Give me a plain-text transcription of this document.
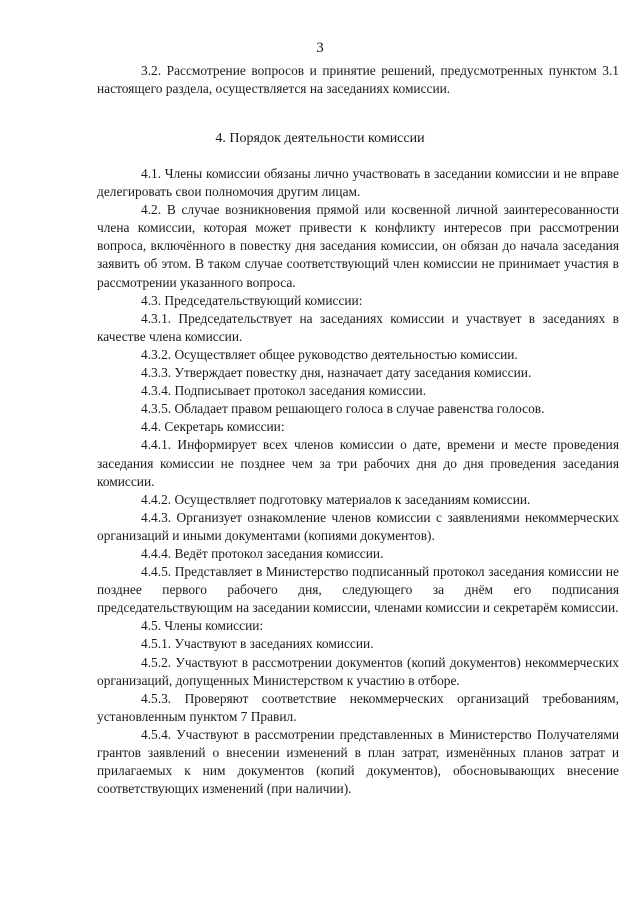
3

3.2. Рассмотрение вопросов и принятие решений, предусмотренных пунктом 3.1 настоящего раздела, осуществляется на заседаниях комиссии.

4. Порядок деятельности комиссии

4.1. Члены комиссии обязаны лично участвовать в заседании комиссии и не вправе делегировать свои полномочия другим лицам.

4.2. В случае возникновения прямой или косвенной личной заинтересованности члена комиссии, которая может привести к конфликту интересов при рассмотрении вопроса, включённого в повестку дня заседания комиссии, он обязан до начала заседания заявить об этом. В таком случае соответствующий член комиссии не принимает участия в рассмотрении указанного вопроса.

4.3. Председательствующий комиссии:

4.3.1. Председательствует на заседаниях комиссии и участвует в заседаниях в качестве члена комиссии.

4.3.2. Осуществляет общее руководство деятельностью комиссии.

4.3.3. Утверждает повестку дня, назначает дату заседания комиссии.

4.3.4. Подписывает протокол заседания комиссии.

4.3.5. Обладает правом решающего голоса в случае равенства голосов.

4.4. Секретарь комиссии:

4.4.1. Информирует всех членов комиссии о дате, времени и месте проведения заседания комиссии не позднее чем за три рабочих дня до дня проведения заседания комиссии.

4.4.2. Осуществляет подготовку материалов к заседаниям комиссии.

4.4.3. Организует ознакомление членов комиссии с заявлениями некоммерческих организаций и иными документами (копиями документов).

4.4.4. Ведёт протокол заседания комиссии.

4.4.5. Представляет в Министерство подписанный протокол заседания комиссии не позднее первого рабочего дня, следующего за днём его подписания председательствующим на заседании комиссии, членами комиссии и секретарём комиссии.

4.5. Члены комиссии:

4.5.1. Участвуют в заседаниях комиссии.

4.5.2. Участвуют в рассмотрении документов (копий документов) некоммерческих организаций, допущенных Министерством к участию в отборе.

4.5.3. Проверяют соответствие некоммерческих организаций требованиям, установленным пунктом 7 Правил.

4.5.4. Участвуют в рассмотрении представленных в Министерство Получателями грантов заявлений о внесении изменений в план затрат, изменённых планов затрат и прилагаемых к ним документов (копий документов), обосновывающих внесение соответствующих изменений (при наличии).
